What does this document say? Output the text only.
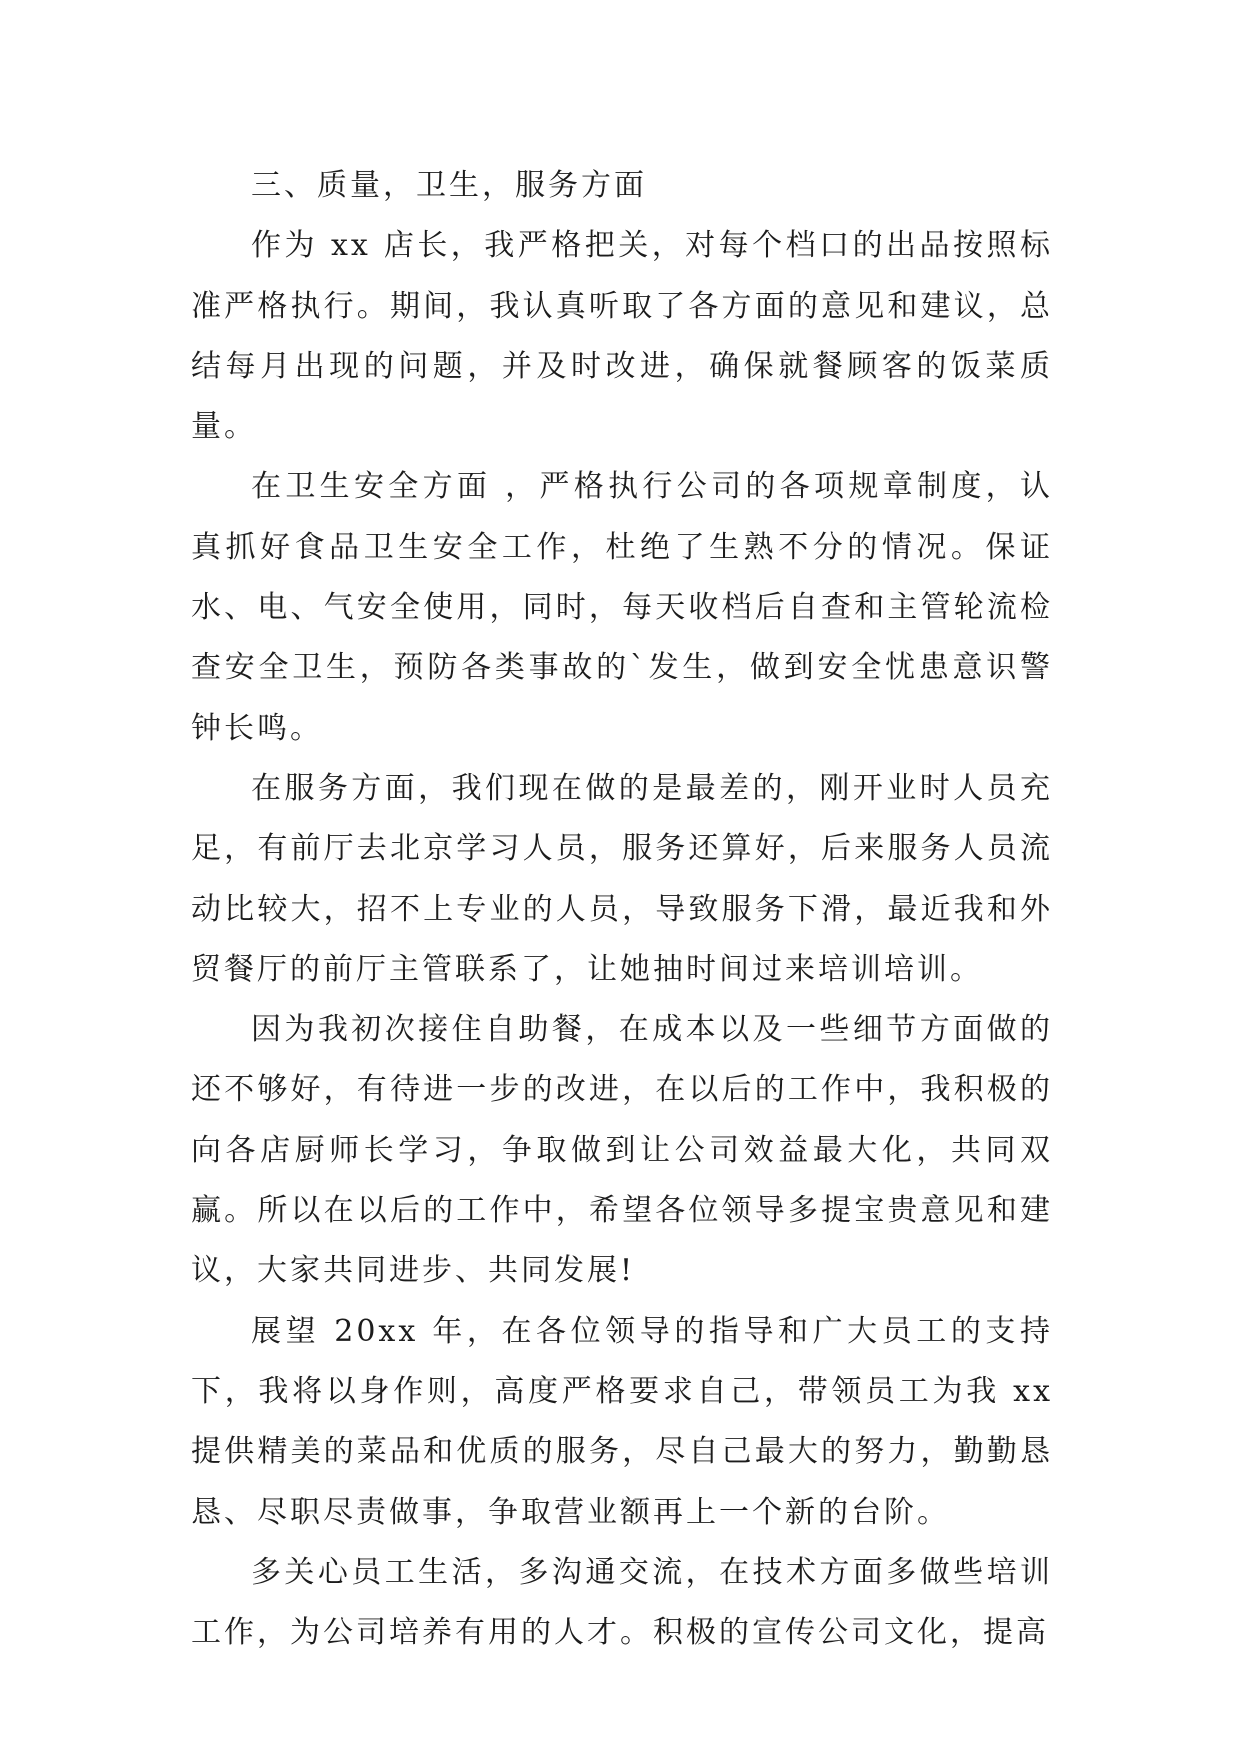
三、质量，卫生，服务方面

作为 xx 店长，我严格把关，对每个档口的出品按照标准严格执行。期间，我认真听取了各方面的意见和建议，总结每月出现的问题，并及时改进，确保就餐顾客的饭菜质量。

在卫生安全方面 ，严格执行公司的各项规章制度，认真抓好食品卫生安全工作，杜绝了生熟不分的情况。保证水、电、气安全使用，同时，每天收档后自查和主管轮流检查安全卫生，预防各类事故的`发生，做到安全忧患意识警钟长鸣。

在服务方面，我们现在做的是最差的，刚开业时人员充足，有前厅去北京学习人员，服务还算好，后来服务人员流动比较大，招不上专业的人员，导致服务下滑，最近我和外贸餐厅的前厅主管联系了，让她抽时间过来培训培训。

因为我初次接住自助餐，在成本以及一些细节方面做的还不够好，有待进一步的改进，在以后的工作中，我积极的向各店厨师长学习，争取做到让公司效益最大化，共同双赢。所以在以后的工作中，希望各位领导多提宝贵意见和建议，大家共同进步、共同发展!

展望 20xx 年，在各位领导的指导和广大员工的支持下，我将以身作则，高度严格要求自己，带领员工为我 xx 提供精美的菜品和优质的服务，尽自己最大的努力，勤勤恳恳、尽职尽责做事，争取营业额再上一个新的台阶。

多关心员工生活，多沟通交流，在技术方面多做些培训工作，为公司培养有用的人才。积极的宣传公司文化，提高
